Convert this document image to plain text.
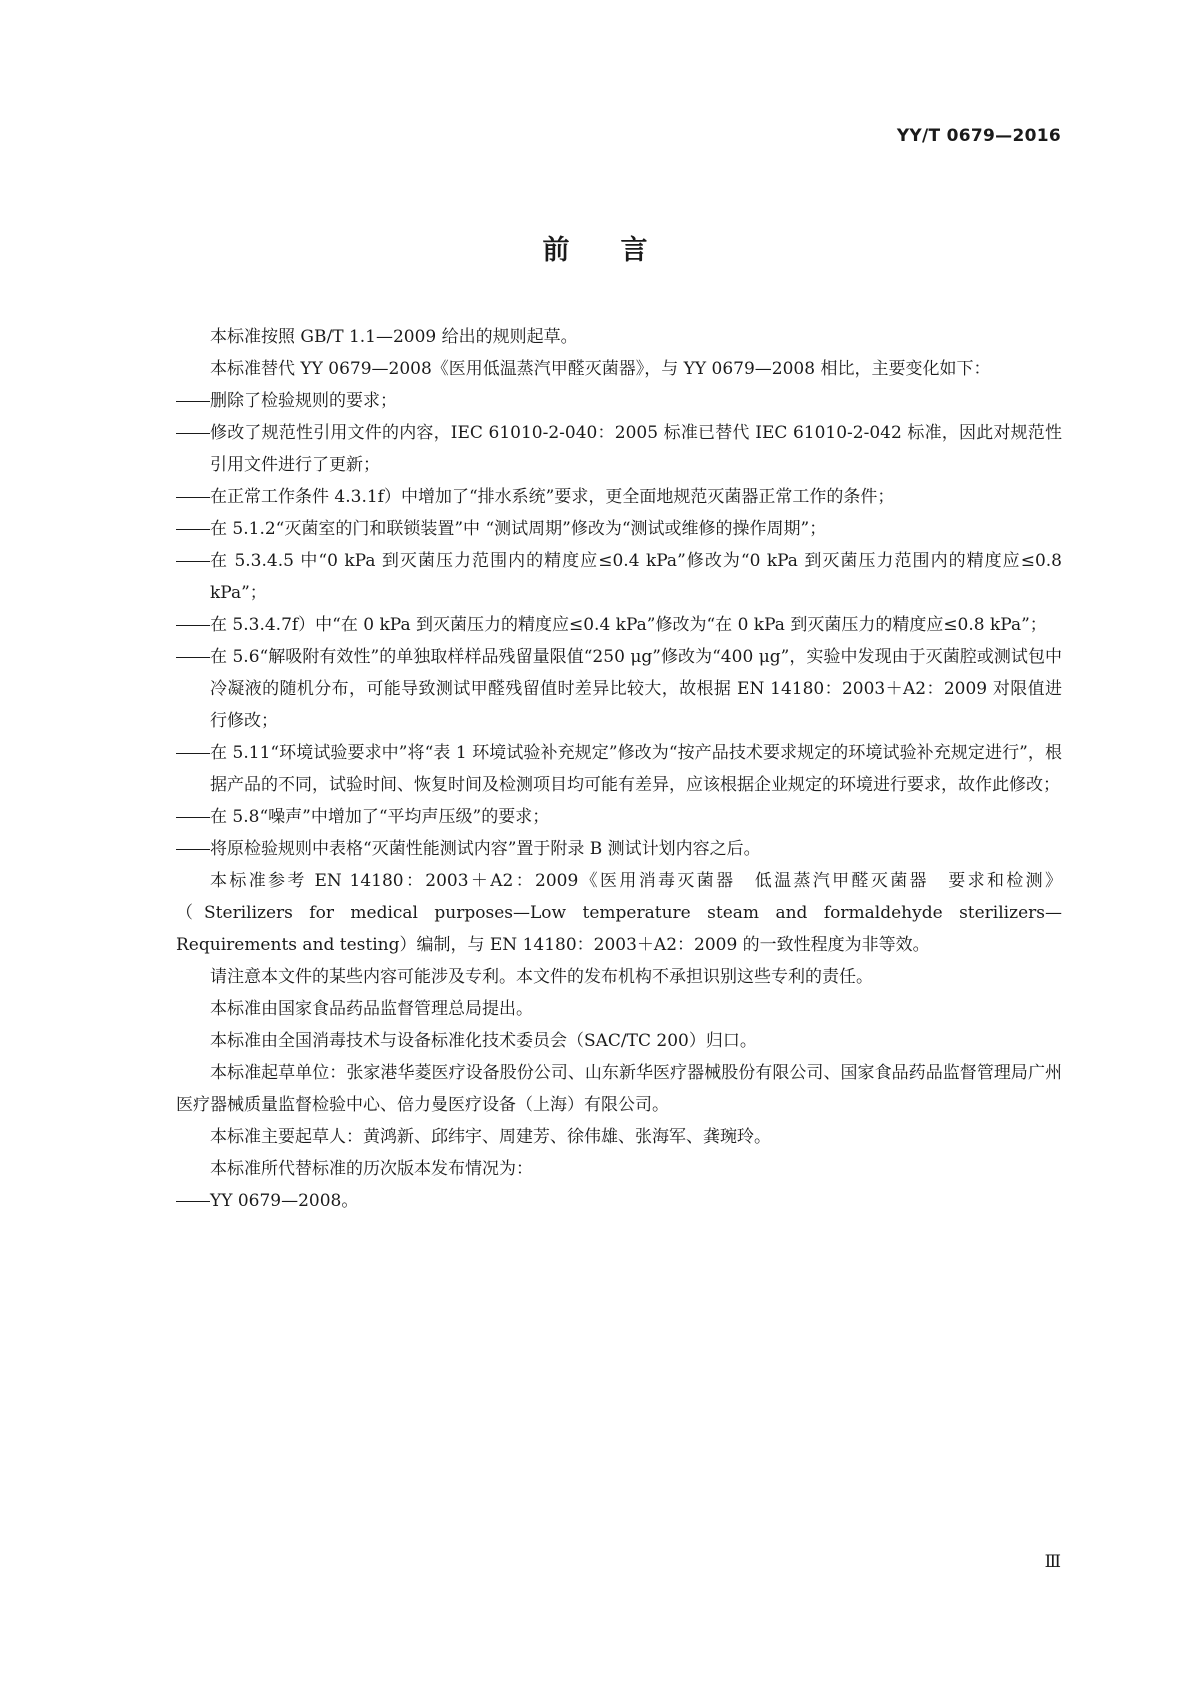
YY/T 0679—2016
前 言
本标准按照 GB/T 1.1—2009 给出的规则起草。
本标准替代 YY 0679—2008《医用低温蒸汽甲醛灭菌器》，与 YY 0679—2008 相比，主要变化如下：
删除了检验规则的要求；
修改了规范性引用文件的内容，IEC 61010-2-040：2005 标准已替代 IEC 61010-2-042 标准，因此对规范性引用文件进行了更新；
在正常工作条件 4.3.1f）中增加了“排水系统”要求，更全面地规范灭菌器正常工作的条件；
在 5.1.2“灭菌室的门和联锁装置”中 “测试周期”修改为“测试或维修的操作周期”；
在 5.3.4.5 中“0 kPa 到灭菌压力范围内的精度应≤0.4 kPa”修改为“0 kPa 到灭菌压力范围内的精度应≤0.8 kPa”；
在 5.3.4.7f）中“在 0 kPa 到灭菌压力的精度应≤0.4 kPa”修改为“在 0 kPa 到灭菌压力的精度应≤0.8 kPa”；
在 5.6“解吸附有效性”的单独取样样品残留量限值“250 μg”修改为“400 μg”，实验中发现由于灭菌腔或测试包中冷凝液的随机分布，可能导致测试甲醛残留值时差异比较大，故根据 EN 14180：2003＋A2：2009 对限值进行修改；
在 5.11“环境试验要求中”将“表 1 环境试验补充规定”修改为“按产品技术要求规定的环境试验补充规定进行”，根据产品的不同，试验时间、恢复时间及检测项目均可能有差异，应该根据企业规定的环境进行要求，故作此修改；
在 5.8“噪声”中增加了“平均声压级”的要求；
将原检验规则中表格“灭菌性能测试内容”置于附录 B 测试计划内容之后。
本标准参考 EN 14180：2003＋A2：2009《医用消毒灭菌器　低温蒸汽甲醛灭菌器　要求和检测》（Sterilizers for medical purposes—Low temperature steam and formaldehyde sterilizers—Requirements and testing）编制，与 EN 14180：2003＋A2：2009 的一致性程度为非等效。
请注意本文件的某些内容可能涉及专利。本文件的发布机构不承担识别这些专利的责任。
本标准由国家食品药品监督管理总局提出。
本标准由全国消毒技术与设备标准化技术委员会（SAC/TC 200）归口。
本标准起草单位：张家港华菱医疗设备股份公司、山东新华医疗器械股份有限公司、国家食品药品监督管理局广州医疗器械质量监督检验中心、倍力曼医疗设备（上海）有限公司。
本标准主要起草人：黄鸿新、邱纬宇、周建芳、徐伟雄、张海军、龚琬玲。
本标准所代替标准的历次版本发布情况为：
YY 0679—2008。
Ⅲ
